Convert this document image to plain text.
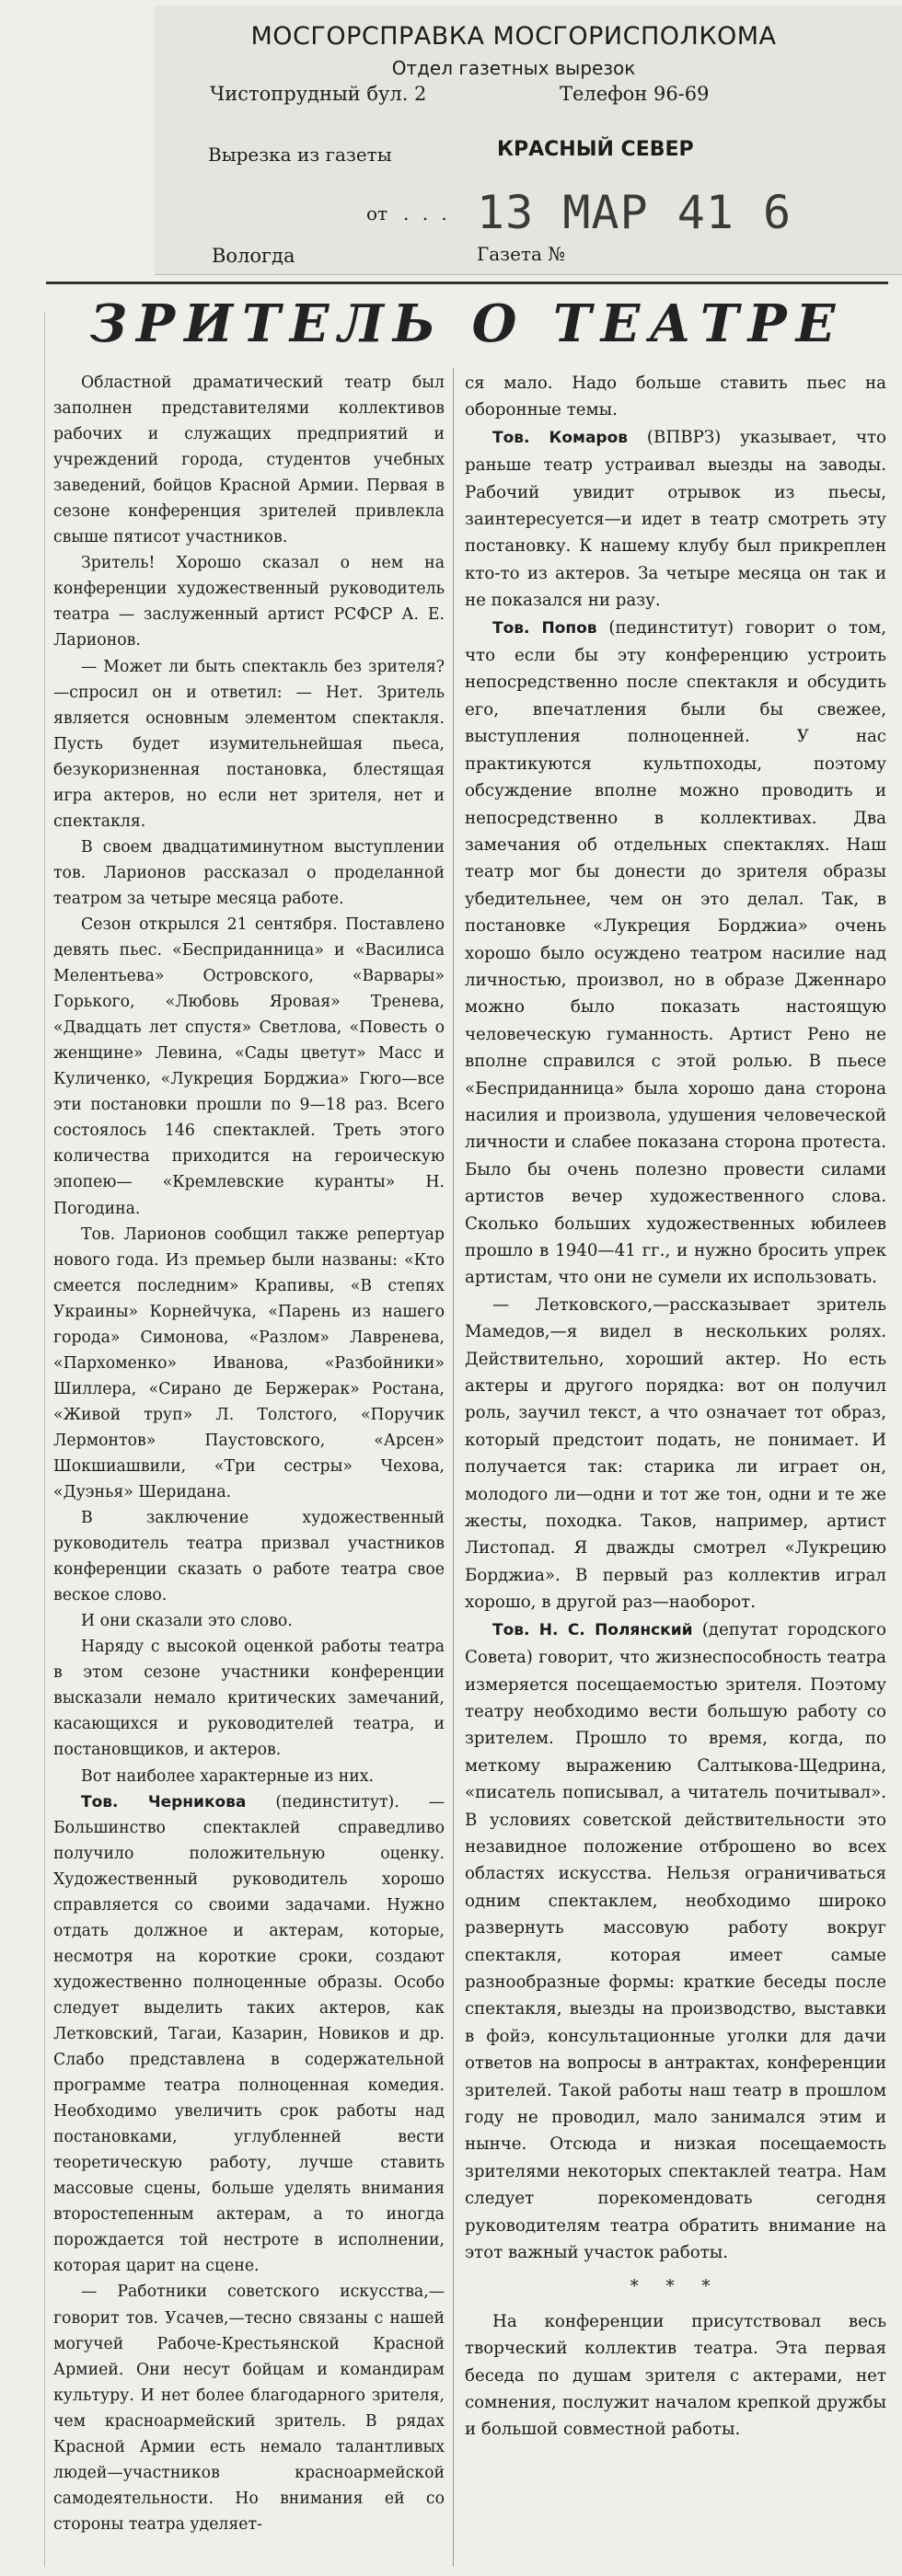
МОСГОРСПРАВКА МОСГОРИСПОЛКОМА
Отдел газетных вырезок
Чистопрудный бул. 2	Телефон 96-69
Вырезка из газеты	КРАСНЫЙ СЕВЕР
от . . . 13 МАР 41 6
Вологда	Газета №
ЗРИТЕЛЬ О ТЕАТРЕ

Областной драматический театр был заполнен представителями коллективов рабочих и служащих предприятий и учреждений города, студентов учебных заведений, бойцов Красной Армии. Первая в сезоне конференция зрителей привлекла свыше пятисот участников.

Зритель! Хорошо сказал о нем на конференции художественный руководитель театра — заслуженный артист РСФСР А. Е. Ларионов.

— Может ли быть спектакль без зрителя?—спросил он и ответил: — Нет. Зритель является основным элементом спектакля. Пусть будет изумительнейшая пьеса, безукоризненная постановка, блестящая игра актеров, но если нет зрителя, нет и спектакля.

В своем двадцатиминутном выступлении тов. Ларионов рассказал о проделанной театром за четыре месяца работе.

Сезон открылся 21 сентября. Поставлено девять пьес. «Бесприданница» и «Василиса Мелентьева» Островского, «Варвары» Горького, «Любовь Яровая» Тренева, «Двадцать лет спустя» Светлова, «Повесть о женщине» Левина, «Сады цветут» Масс и Куличенко, «Лукреция Борджиа» Гюго—все эти постановки прошли по 9—18 раз. Всего состоялось 146 спектаклей. Треть этого количества приходится на героическую эпопею— «Кремлевские куранты» Н. Погодина.

Тов. Ларионов сообщил также репертуар нового года. Из премьер были названы: «Кто смеется последним» Крапивы, «В степях Украины» Корнейчука, «Парень из нашего города» Симонова, «Разлом» Лавренева, «Пархоменко» Иванова, «Разбойники» Шиллера, «Сирано де Бержерак» Ростана, «Живой труп» Л. Толстого, «Поручик Лермонтов» Паустовского, «Арсен» Шокшиашвили, «Три сестры» Чехова, «Дуэнья» Шеридана.

В заключение художественный руководитель театра призвал участников конференции сказать о работе театра свое веское слово.

И они сказали это слово.

Наряду с высокой оценкой работы театра в этом сезоне участники конференции высказали немало критических замечаний, касающихся и руководителей театра, и постановщиков, и актеров.

Вот наиболее характерные из них.

Тов. Черникова (пединститут). —Большинство спектаклей справедливо получило положительную оценку. Художественный руководитель хорошо справляется со своими задачами. Нужно отдать должное и актерам, которые, несмотря на короткие сроки, создают художественно полноценные образы. Особо следует выделить таких актеров, как Летковский, Тагаи, Казарин, Новиков и др. Слабо представлена в содержательной программе театра полноценная комедия. Необходимо увеличить срок работы над постановками, углубленней вести теоретическую работу, лучше ставить массовые сцены, больше уделять внимания второстепенным актерам, а то иногда порождается той нестроте в исполнении, которая царит на сцене.

— Работники советского искусства,— говорит тов. Усачев,—тесно связаны с нашей могучей Рабоче-Крестьянской Красной Армией. Они несут бойцам и командирам культуру. И нет более благодарного зрителя, чем красноармейский зритель. В рядах Красной Армии есть немало талантливых людей—участников красноармейской самодеятельности. Но внимания ей со стороны театра уделяет-

ся мало. Надо больше ставить пьес на оборонные темы.

Тов. Комаров (ВПВРЗ) указывает, что раньше театр устраивал выезды на заводы. Рабочий увидит отрывок из пьесы, заинтересуется—и идет в театр смотреть эту постановку. К нашему клубу был прикреплен кто-то из актеров. За четыре месяца он так и не показался ни разу.

Тов. Попов (пединститут) говорит о том, что если бы эту конференцию устроить непосредственно после спектакля и обсудить его, впечатления были бы свежее, выступления полноценней. У нас практикуются культпоходы, поэтому обсуждение вполне можно проводить и непосредственно в коллективах. Два замечания об отдельных спектаклях. Наш театр мог бы донести до зрителя образы убедительнее, чем он это делал. Так, в постановке «Лукреция Борджиа» очень хорошо было осуждено театром насилие над личностью, произвол, но в образе Дженнаро можно было показать настоящую человеческую гуманность. Артист Рено не вполне справился с этой ролью. В пьесе «Бесприданница» была хорошо дана сторона насилия и произвола, удушения человеческой личности и слабее показана сторона протеста. Было бы очень полезно провести силами артистов вечер художественного слова. Сколько больших художественных юбилеев прошло в 1940—41 гг., и нужно бросить упрек артистам, что они не сумели их использовать.

— Летковского,—рассказывает зритель Мамедов,—я видел в нескольких ролях. Действительно, хороший актер. Но есть актеры и другого порядка: вот он получил роль, заучил текст, а что означает тот образ, который предстоит подать, не понимает. И получается так: старика ли играет он, молодого ли—одни и тот же тон, одни и те же жесты, походка. Таков, например, артист Листопад. Я дважды смотрел «Лукрецию Борджиа». В первый раз коллектив играл хорошо, в другой раз—наоборот.

Тов. Н. С. Полянский (депутат городского Совета) говорит, что жизнеспособность театра измеряется посещаемостью зрителя. Поэтому театру необходимо вести большую работу со зрителем. Прошло то время, когда, по меткому выражению Салтыкова-Щедрина, «писатель пописывал, а читатель почитывал». В условиях советской действительности это незавидное положение отброшено во всех областях искусства. Нельзя ограничиваться одним спектаклем, необходимо широко развернуть массовую работу вокруг спектакля, которая имеет самые разнообразные формы: краткие беседы после спектакля, выезды на производство, выставки в фойэ, консультационные уголки для дачи ответов на вопросы в антрактах, конференции зрителей. Такой работы наш театр в прошлом году не проводил, мало занимался этим и нынче. Отсюда и низкая посещаемость зрителями некоторых спектаклей театра. Нам следует порекомендовать сегодня руководителям театра обратить внимание на этот важный участок работы.

* * *

На конференции присутствовал весь творческий коллектив театра. Эта первая беседа по душам зрителя с актерами, нет сомнения, послужит началом крепкой дружбы и большой совместной работы.
